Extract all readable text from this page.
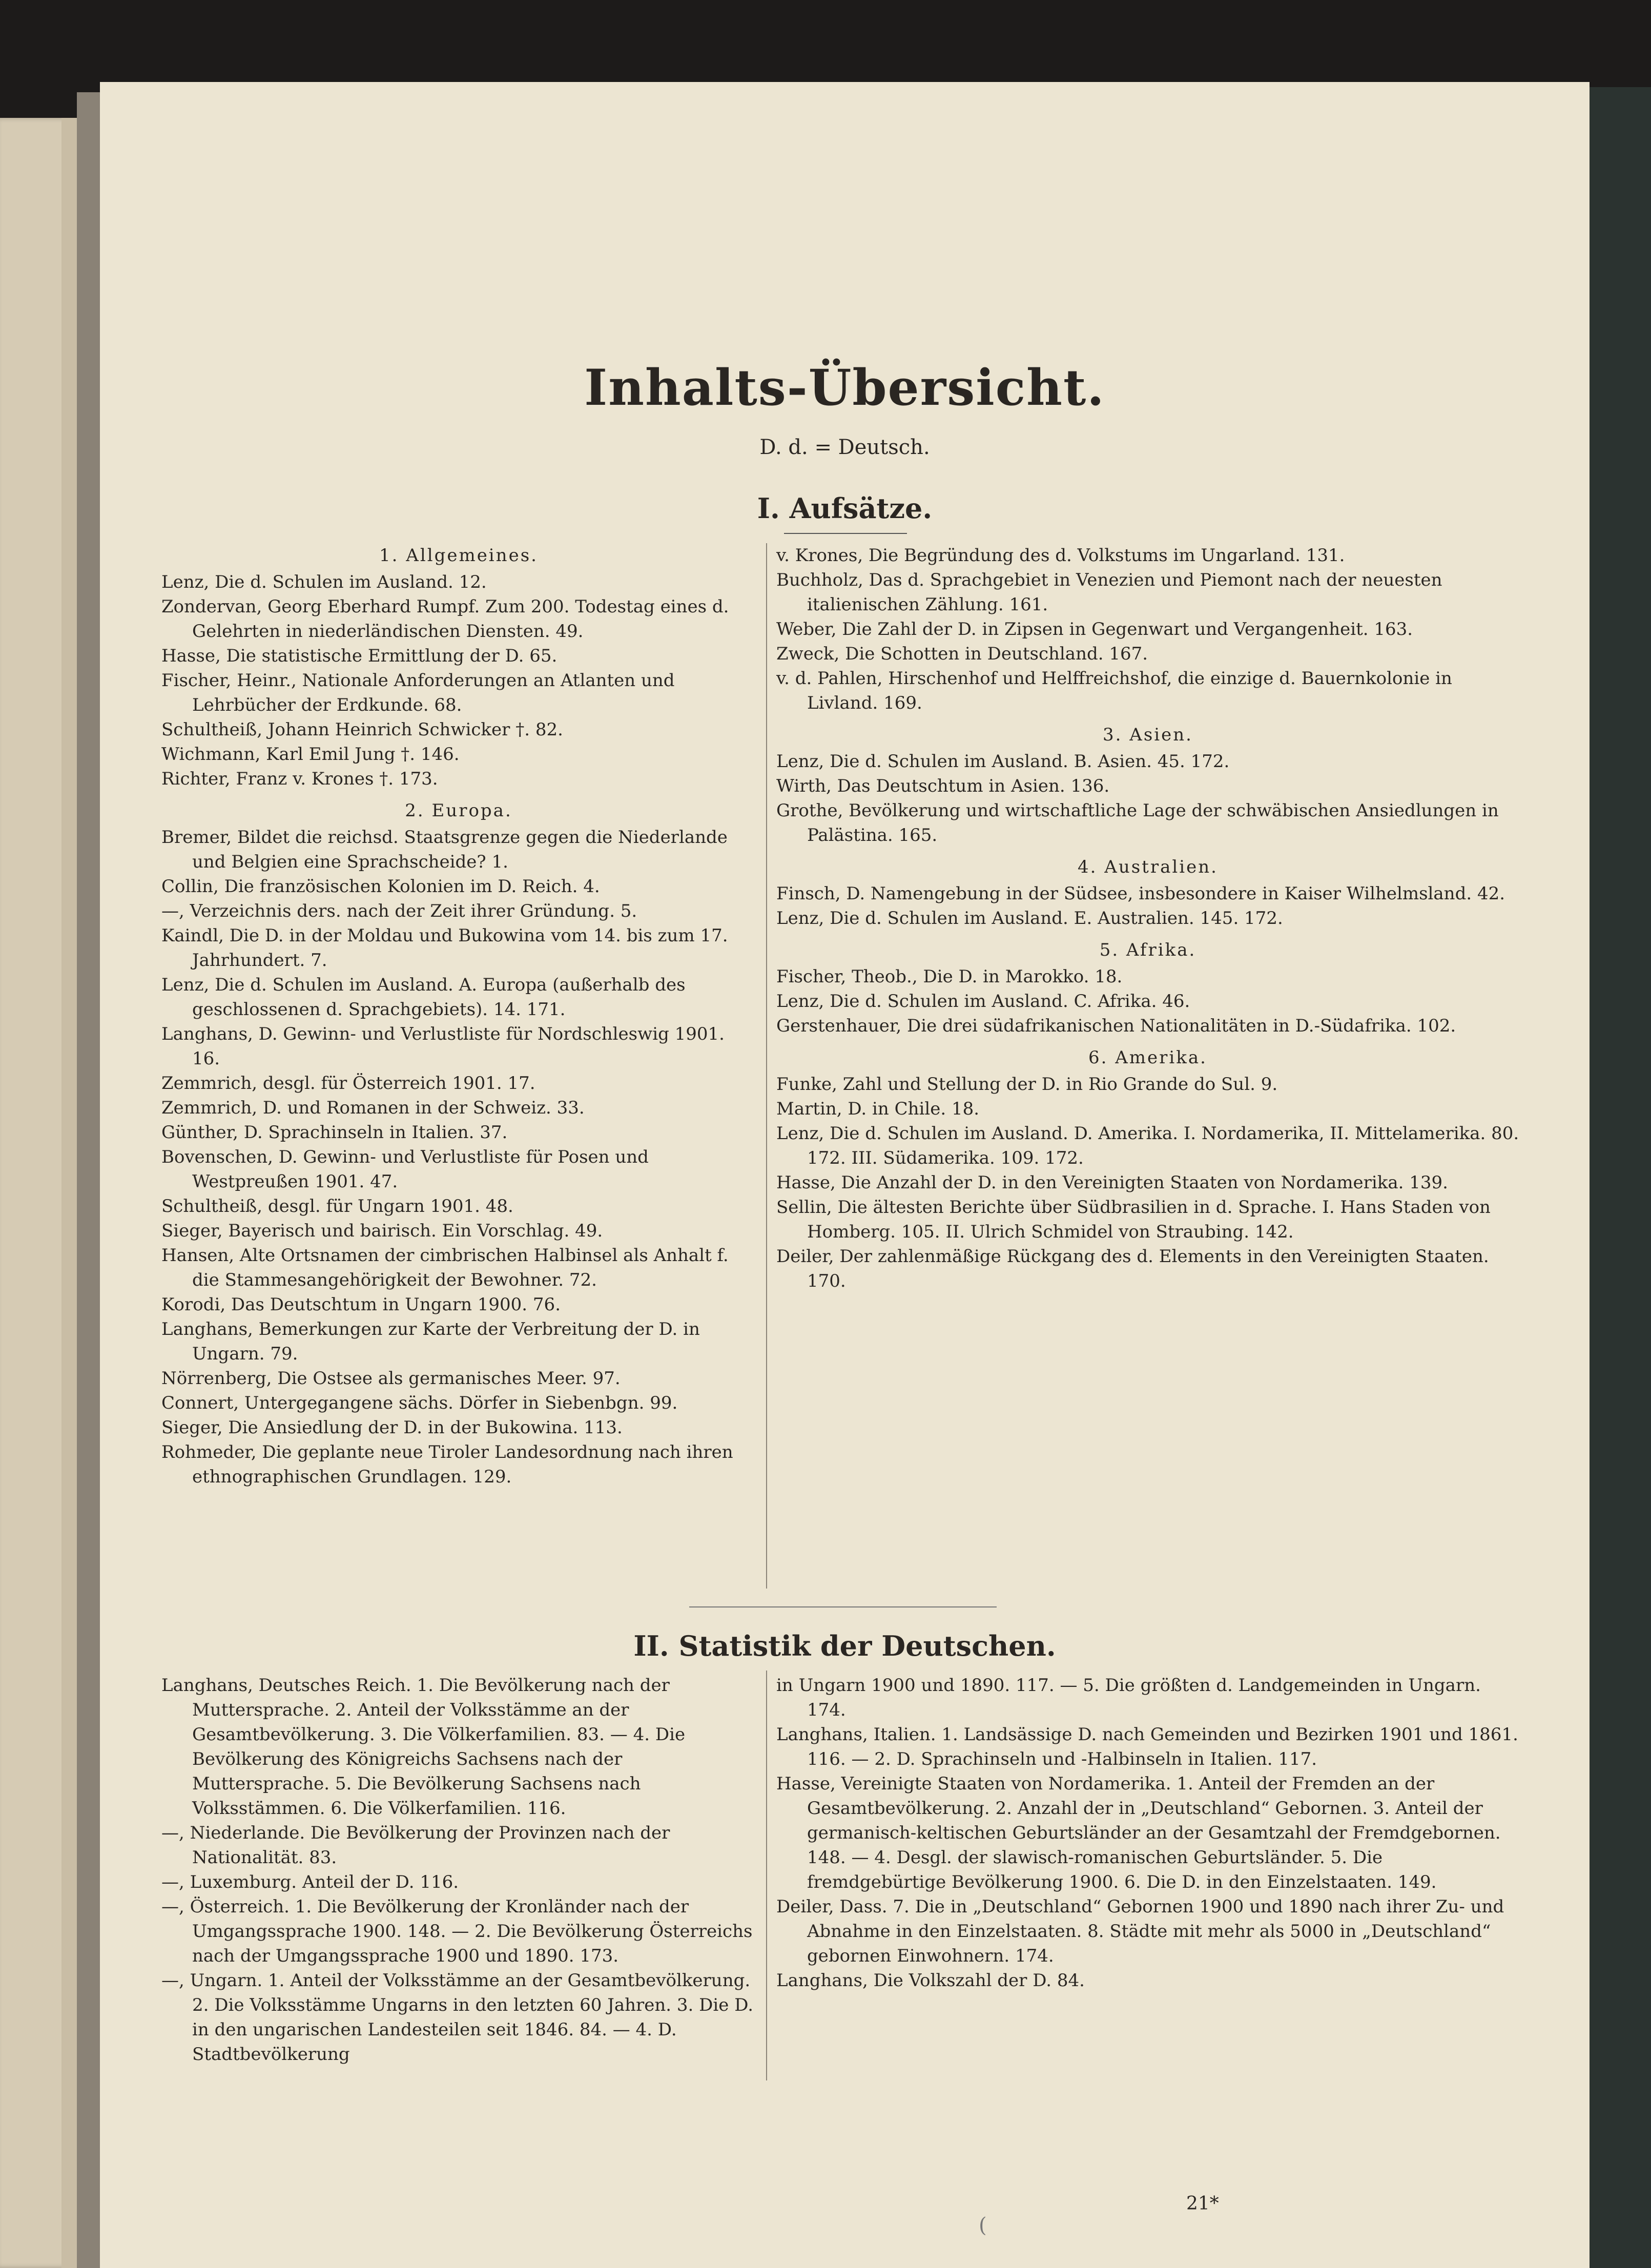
Inhalts-Übersicht.
D. d. = Deutsch.
I. Aufsätze.
1. Allgemeines.
Lenz, Die d. Schulen im Ausland. 12.
Zondervan, Georg Eberhard Rumpf. Zum 200. Todestag eines d. Gelehrten in niederländischen Diensten. 49.
Hasse, Die statistische Ermittlung der D. 65.
Fischer, Heinr., Nationale Anforderungen an Atlanten und Lehrbücher der Erdkunde. 68.
Schultheiß, Johann Heinrich Schwicker †. 82.
Wichmann, Karl Emil Jung †. 146.
Richter, Franz v. Krones †. 173.
2. Europa.
Bremer, Bildet die reichsd. Staatsgrenze gegen die Niederlande und Belgien eine Sprachscheide? 1.
Collin, Die französischen Kolonien im D. Reich. 4.
—, Verzeichnis ders. nach der Zeit ihrer Gründung. 5.
Kaindl, Die D. in der Moldau und Bukowina vom 14. bis zum 17. Jahrhundert. 7.
Lenz, Die d. Schulen im Ausland. A. Europa (außerhalb des geschlossenen d. Sprachgebiets). 14. 171.
Langhans, D. Gewinn- und Verlustliste für Nordschleswig 1901. 16.
Zemmrich, desgl. für Österreich 1901. 17.
Zemmrich, D. und Romanen in der Schweiz. 33.
Günther, D. Sprachinseln in Italien. 37.
Bovenschen, D. Gewinn- und Verlustliste für Posen und Westpreußen 1901. 47.
Schultheiß, desgl. für Ungarn 1901. 48.
Sieger, Bayerisch und bairisch. Ein Vorschlag. 49.
Hansen, Alte Ortsnamen der cimbrischen Halbinsel als Anhalt f. die Stammesangehörigkeit der Bewohner. 72.
Korodi, Das Deutschtum in Ungarn 1900. 76.
Langhans, Bemerkungen zur Karte der Verbreitung der D. in Ungarn. 79.
Nörrenberg, Die Ostsee als germanisches Meer. 97.
Connert, Untergegangene sächs. Dörfer in Siebenbgn. 99.
Sieger, Die Ansiedlung der D. in der Bukowina. 113.
Rohmeder, Die geplante neue Tiroler Landesordnung nach ihren ethnographischen Grundlagen. 129.
v. Krones, Die Begründung des d. Volkstums im Ungarland. 131.
Buchholz, Das d. Sprachgebiet in Venezien und Piemont nach der neuesten italienischen Zählung. 161.
Weber, Die Zahl der D. in Zipsen in Gegenwart und Vergangenheit. 163.
Zweck, Die Schotten in Deutschland. 167.
v. d. Pahlen, Hirschenhof und Helffreichshof, die einzige d. Bauernkolonie in Livland. 169.
3. Asien.
Lenz, Die d. Schulen im Ausland. B. Asien. 45. 172.
Wirth, Das Deutschtum in Asien. 136.
Grothe, Bevölkerung und wirtschaftliche Lage der schwäbischen Ansiedlungen in Palästina. 165.
4. Australien.
Finsch, D. Namengebung in der Südsee, insbesondere in Kaiser Wilhelmsland. 42.
Lenz, Die d. Schulen im Ausland. E. Australien. 145. 172.
5. Afrika.
Fischer, Theob., Die D. in Marokko. 18.
Lenz, Die d. Schulen im Ausland. C. Afrika. 46.
Gerstenhauer, Die drei südafrikanischen Nationalitäten in D.-Südafrika. 102.
6. Amerika.
Funke, Zahl und Stellung der D. in Rio Grande do Sul. 9.
Martin, D. in Chile. 18.
Lenz, Die d. Schulen im Ausland. D. Amerika. I. Nordamerika, II. Mittelamerika. 80. 172. III. Südamerika. 109. 172.
Hasse, Die Anzahl der D. in den Vereinigten Staaten von Nordamerika. 139.
Sellin, Die ältesten Berichte über Südbrasilien in d. Sprache. I. Hans Staden von Homberg. 105. II. Ulrich Schmidel von Straubing. 142.
Deiler, Der zahlenmäßige Rückgang des d. Elements in den Vereinigten Staaten. 170.
II. Statistik der Deutschen.
Langhans, Deutsches Reich. 1. Die Bevölkerung nach der Muttersprache. 2. Anteil der Volksstämme an der Gesamtbevölkerung. 3. Die Völkerfamilien. 83. — 4. Die Bevölkerung des Königreichs Sachsens nach der Muttersprache. 5. Die Bevölkerung Sachsens nach Volksstämmen. 6. Die Völkerfamilien. 116.
—, Niederlande. Die Bevölkerung der Provinzen nach der Nationalität. 83.
—, Luxemburg. Anteil der D. 116.
—, Österreich. 1. Die Bevölkerung der Kronländer nach der Umgangssprache 1900. 148. — 2. Die Bevölkerung Österreichs nach der Umgangssprache 1900 und 1890. 173.
—, Ungarn. 1. Anteil der Volksstämme an der Gesamtbevölkerung. 2. Die Volksstämme Ungarns in den letzten 60 Jahren. 3. Die D. in den ungarischen Landesteilen seit 1846. 84. — 4. D. Stadtbevölkerung
in Ungarn 1900 und 1890. 117. — 5. Die größten d. Landgemeinden in Ungarn. 174.
Langhans, Italien. 1. Landsässige D. nach Gemeinden und Bezirken 1901 und 1861. 116. — 2. D. Sprachinseln und -Halbinseln in Italien. 117.
Hasse, Vereinigte Staaten von Nordamerika. 1. Anteil der Fremden an der Gesamtbevölkerung. 2. Anzahl der in „Deutschland“ Gebornen. 3. Anteil der germanisch-keltischen Geburtsländer an der Gesamtzahl der Fremdgebornen. 148. — 4. Desgl. der slawisch-romanischen Geburtsländer. 5. Die fremdgebürtige Bevölkerung 1900. 6. Die D. in den Einzelstaaten. 149.
Deiler, Dass. 7. Die in „Deutschland“ Gebornen 1900 und 1890 nach ihrer Zu- und Abnahme in den Einzelstaaten. 8. Städte mit mehr als 5000 in „Deutschland“ gebornen Einwohnern. 174.
Langhans, Die Volkszahl der D. 84.
21*
(
